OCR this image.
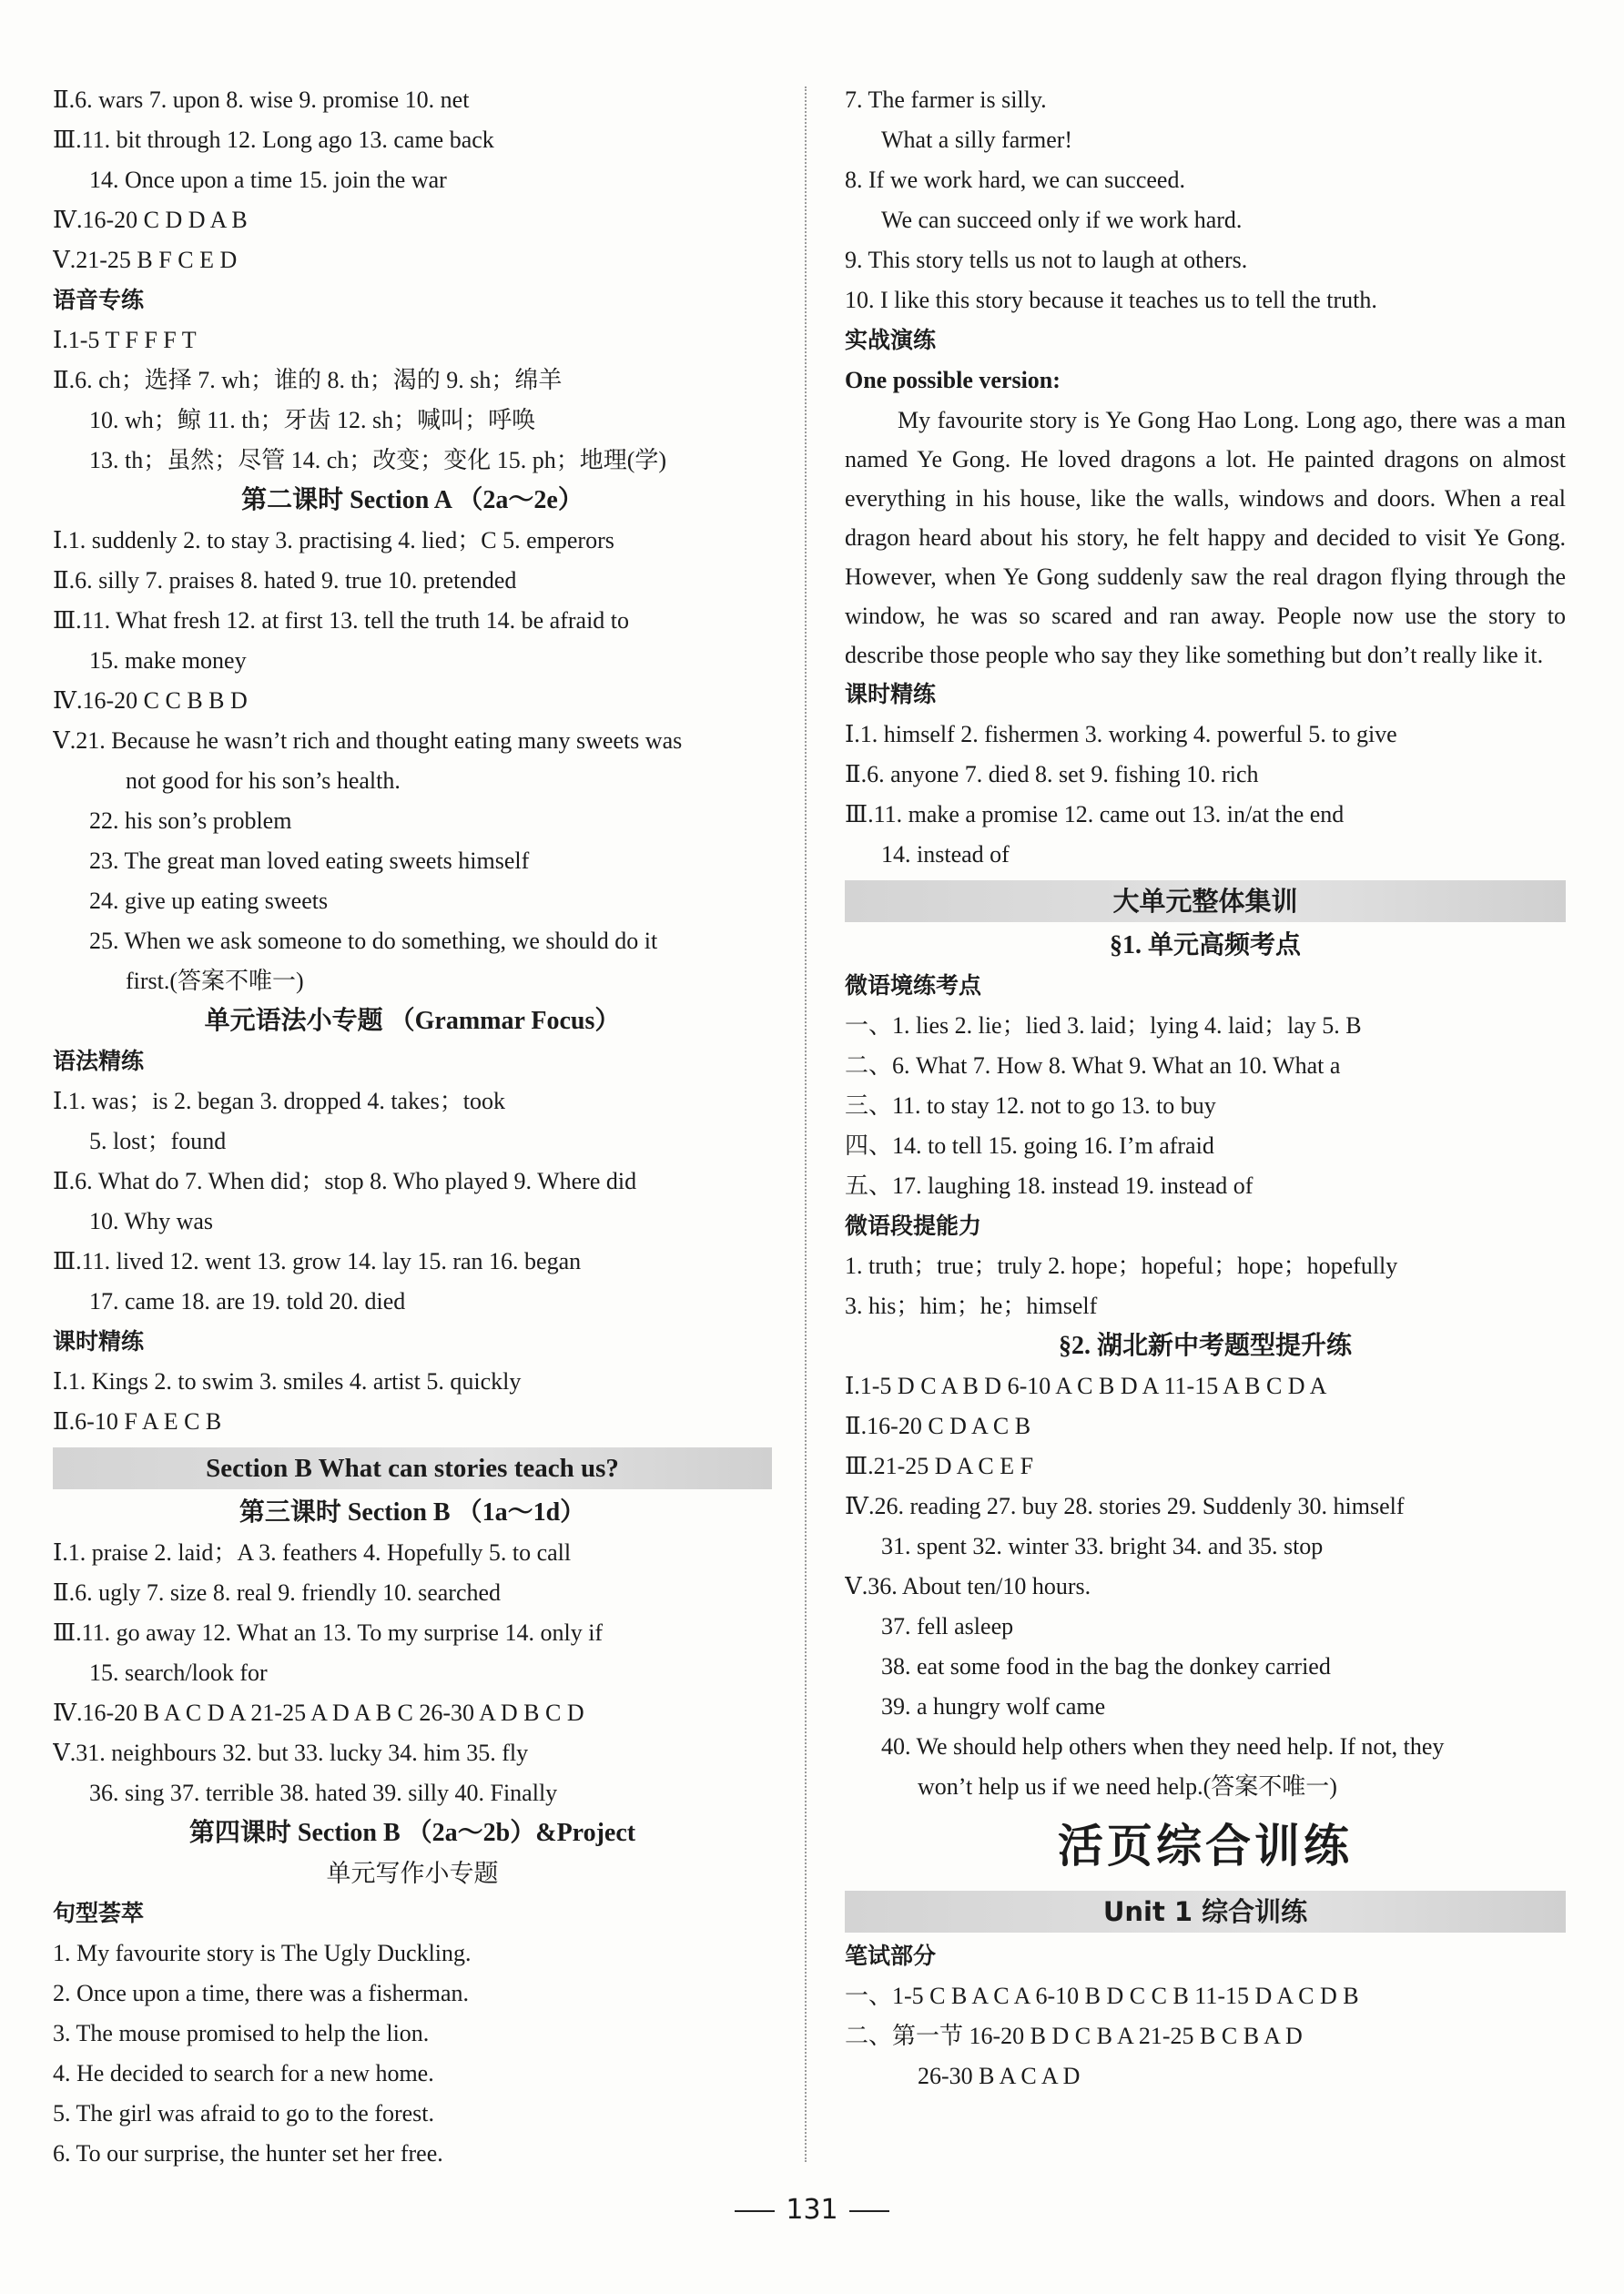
Ⅱ.6. wars 7. upon 8. wise 9. promise 10. net
Ⅲ.11. bit through 12. Long ago 13. came back
14. Once upon a time 15. join the war
Ⅳ.16-20 C D D A B
Ⅴ.21-25 B F C E D
语音专练
Ⅰ.1-5 T F F F T
Ⅱ.6. ch；选择 7. wh；谁的 8. th；渴的 9. sh；绵羊
10. wh；鲸 11. th；牙齿 12. sh；喊叫；呼唤
13. th；虽然；尽管 14. ch；改变；变化 15. ph；地理(学)
第二课时 Section A （2a～2e）
Ⅰ.1. suddenly 2. to stay 3. practising 4. lied；C 5. emperors
Ⅱ.6. silly 7. praises 8. hated 9. true 10. pretended
Ⅲ.11. What fresh 12. at first 13. tell the truth 14. be afraid to
15. make money
Ⅳ.16-20 C C B B D
Ⅴ.21. Because he wasn’t rich and thought eating many sweets was
not good for his son’s health.
22. his son’s problem
23. The great man loved eating sweets himself
24. give up eating sweets
25. When we ask someone to do something, we should do it
first.(答案不唯一)
单元语法小专题 （Grammar Focus）
语法精练
Ⅰ.1. was；is 2. began 3. dropped 4. takes；took
5. lost；found
Ⅱ.6. What do 7. When did；stop 8. Who played 9. Where did
10. Why was
Ⅲ.11. lived 12. went 13. grow 14. lay 15. ran 16. began
17. came 18. are 19. told 20. died
课时精练
Ⅰ.1. Kings 2. to swim 3. smiles 4. artist 5. quickly
Ⅱ.6-10 F A E C B
Section B What can stories teach us?
第三课时 Section B （1a～1d）
Ⅰ.1. praise 2. laid；A 3. feathers 4. Hopefully 5. to call
Ⅱ.6. ugly 7. size 8. real 9. friendly 10. searched
Ⅲ.11. go away 12. What an 13. To my surprise 14. only if
15. search/look for
Ⅳ.16-20 B A C D A 21-25 A D A B C 26-30 A D B C D
Ⅴ.31. neighbours 32. but 33. lucky 34. him 35. fly
36. sing 37. terrible 38. hated 39. silly 40. Finally
第四课时 Section B （2a～2b）&Project
单元写作小专题
句型荟萃
1. My favourite story is The Ugly Duckling.
2. Once upon a time, there was a fisherman.
3. The mouse promised to help the lion.
4. He decided to search for a new home.
5. The girl was afraid to go to the forest.
6. To our surprise, the hunter set her free.
7. The farmer is silly.
What a silly farmer!
8. If we work hard, we can succeed.
We can succeed only if we work hard.
9. This story tells us not to laugh at others.
10. I like this story because it teaches us to tell the truth.
实战演练
One possible version:

My favourite story is Ye Gong Hao Long. Long ago, there was a man named Ye Gong. He loved dragons a lot. He painted dragons on almost everything in his house, like the walls, windows and doors. When a real dragon heard about his story, he felt happy and decided to visit Ye Gong. However, when Ye Gong suddenly saw the real dragon flying through the window, he was so scared and ran away. People now use the story to describe those people who say they like something but don’t really like it.

课时精练
Ⅰ.1. himself 2. fishermen 3. working 4. powerful 5. to give
Ⅱ.6. anyone 7. died 8. set 9. fishing 10. rich
Ⅲ.11. make a promise 12. came out 13. in/at the end
14. instead of
大单元整体集训
§1. 单元高频考点
微语境练考点
一、1. lies 2. lie；lied 3. laid；lying 4. laid；lay 5. B
二、6. What 7. How 8. What 9. What an 10. What a
三、11. to stay 12. not to go 13. to buy
四、14. to tell 15. going 16. I’m afraid
五、17. laughing 18. instead 19. instead of
微语段提能力
1. truth；true；truly 2. hope；hopeful；hope；hopefully
3. his；him；he；himself
§2. 湖北新中考题型提升练
Ⅰ.1-5 D C A B D 6-10 A C B D A 11-15 A B C D A
Ⅱ.16-20 C D A C B
Ⅲ.21-25 D A C E F
Ⅳ.26. reading 27. buy 28. stories 29. Suddenly 30. himself
31. spent 32. winter 33. bright 34. and 35. stop
Ⅴ.36. About ten/10 hours.
37. fell asleep
38. eat some food in the bag the donkey carried
39. a hungry wolf came
40. We should help others when they need help. If not, they
won’t help us if we need help.(答案不唯一)
活页综合训练
Unit 1 综合训练
笔试部分
一、1-5 C B A C A 6-10 B D C C B 11-15 D A C D B
二、第一节 16-20 B D C B A 21-25 B C B A D
26-30 B A C A D
131
